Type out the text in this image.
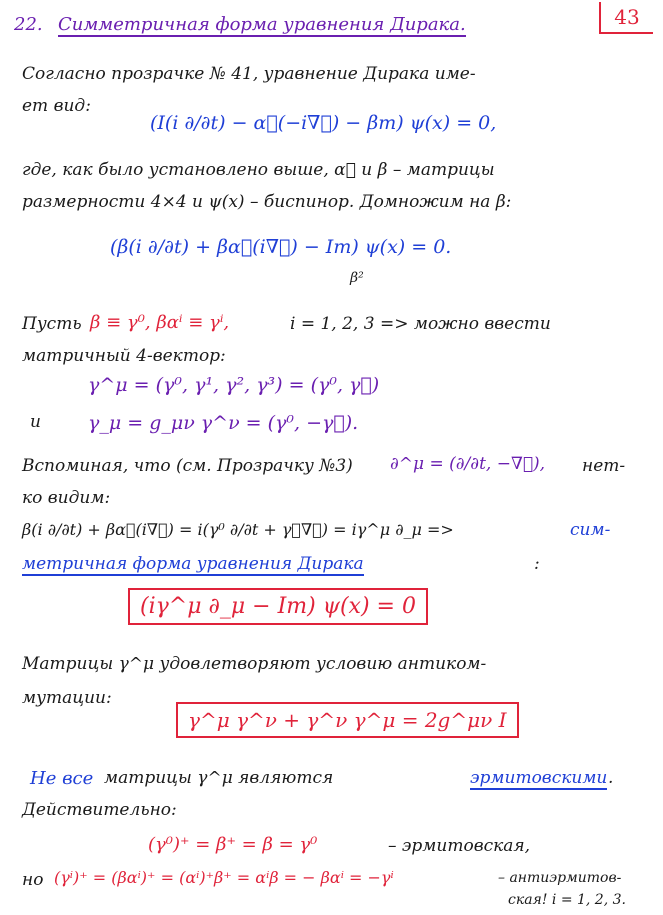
22. Симметричная форма уравнения Дирака.	43
Согласно прозрачке № 41, уравнение Дирака име-
ет вид:
(I(i ∂/∂t) − α⃗(−i∇⃗) − βm) ψ(x) = 0,
где, как было установлено выше, α⃗ и β – матрицы
размерности 4×4 и ψ(x) – биспинор. Домножим на β:
(β(i ∂/∂t) + βα⃗(i∇⃗) − Im) ψ(x) = 0.
β²
Пусть β ≡ γ⁰, βαⁱ ≡ γⁱ,	i = 1, 2, 3 => можно ввести
матричный 4-вектор:
γ^μ = (γ⁰, γ¹, γ², γ³) = (γ⁰, γ⃗)
и γ_μ = g_μν γ^ν = (γ⁰, −γ⃗).
Вспоминая, что (см. Прозрачку №3) ∂^μ = (∂/∂t, −∇⃗), нет-
ко видим:
β(i ∂/∂t) + βα⃗(i∇⃗) = i(γ⁰ ∂/∂t + γ⃗∇⃗) = iγ^μ ∂_μ =>	сим-
метричная форма уравнения Дирака	:
(iγ^μ ∂_μ − Im) ψ(x) = 0
Матрицы γ^μ удовлетворяют условию антиком-
мутации:
γ^μ γ^ν + γ^ν γ^μ = 2g^μν I
Не все матрицы γ^μ являются	эрмитовскими .
Действительно:
(γ⁰)⁺ = β⁺ = β = γ⁰	– эрмитовская,
но (γⁱ)⁺ = (βαⁱ)⁺ = (αⁱ)⁺β⁺ = αⁱβ = − βαⁱ = −γⁱ	– антиэрмитов-
ская! i = 1, 2, 3.
